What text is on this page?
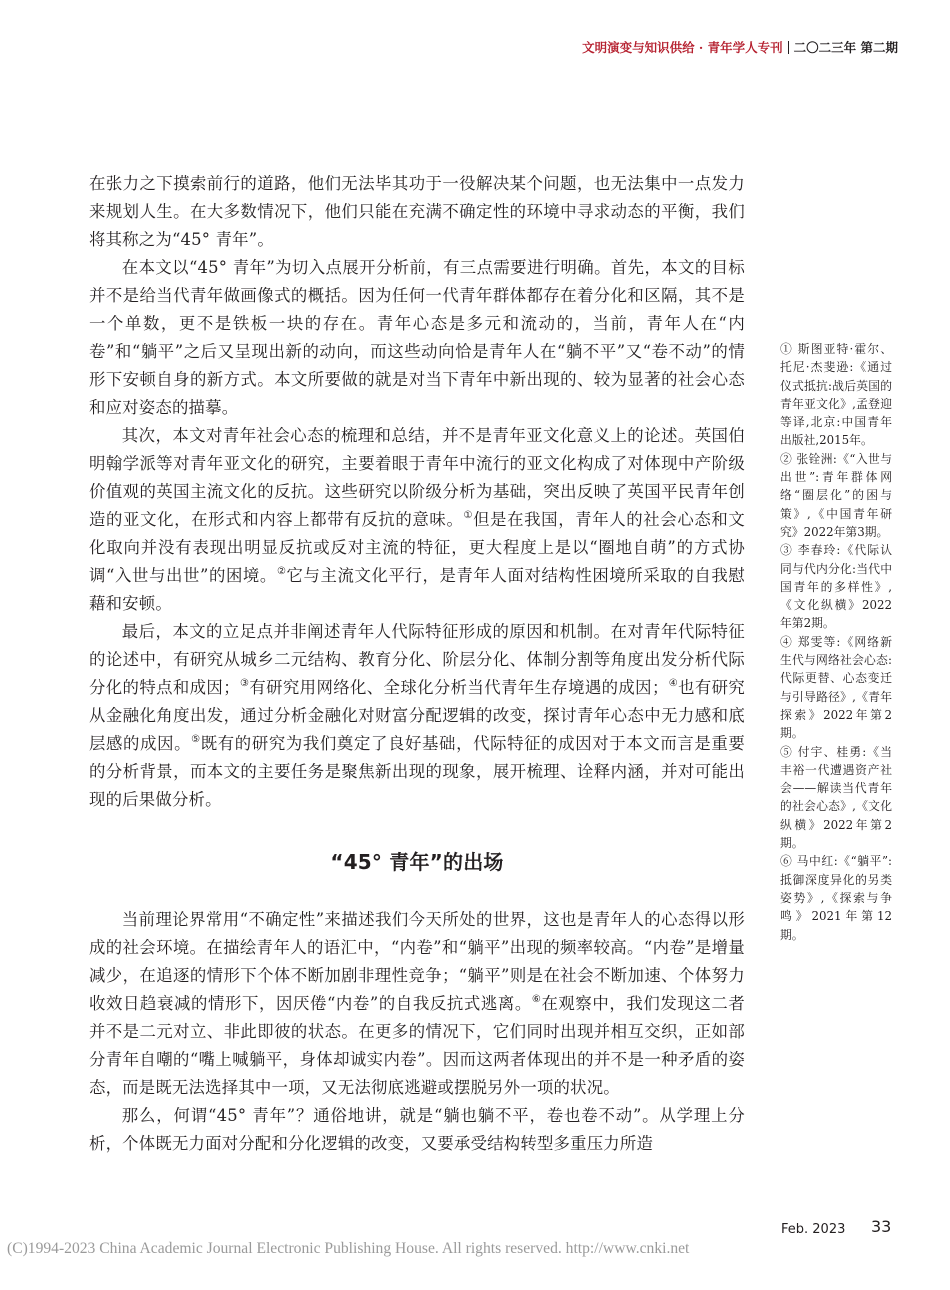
文明演变与知识供给 · 青年学人专刊 二〇二三年 第二期

在张力之下摸索前行的道路，他们无法毕其功于一役解决某个问题，也无法集中一点发力来规划人生。在大多数情况下，他们只能在充满不确定性的环境中寻求动态的平衡，我们将其称之为“45° 青年”。

在本文以“45° 青年”为切入点展开分析前，有三点需要进行明确。首先，本文的目标并不是给当代青年做画像式的概括。因为任何一代青年群体都存在着分化和区隔，其不是一个单数，更不是铁板一块的存在。青年心态是多元和流动的，当前，青年人在“内卷”和“躺平”之后又呈现出新的动向，而这些动向恰是青年人在“躺不平”又“卷不动”的情形下安顿自身的新方式。本文所要做的就是对当下青年中新出现的、较为显著的社会心态和应对姿态的描摹。

其次，本文对青年社会心态的梳理和总结，并不是青年亚文化意义上的论述。英国伯明翰学派等对青年亚文化的研究，主要着眼于青年中流行的亚文化构成了对体现中产阶级价值观的英国主流文化的反抗。这些研究以阶级分析为基础，突出反映了英国平民青年创造的亚文化，在形式和内容上都带有反抗的意味。①但是在我国，青年人的社会心态和文化取向并没有表现出明显反抗或反对主流的特征，更大程度上是以“圈地自萌”的方式协调“入世与出世”的困境。②它与主流文化平行，是青年人面对结构性困境所采取的自我慰藉和安顿。

最后，本文的立足点并非阐述青年人代际特征形成的原因和机制。在对青年代际特征的论述中，有研究从城乡二元结构、教育分化、阶层分化、体制分割等角度出发分析代际分化的特点和成因；③有研究用网络化、全球化分析当代青年生存境遇的成因；④也有研究从金融化角度出发，通过分析金融化对财富分配逻辑的改变，探讨青年心态中无力感和底层感的成因。⑤既有的研究为我们奠定了良好基础，代际特征的成因对于本文而言是重要的分析背景，而本文的主要任务是聚焦新出现的现象，展开梳理、诠释内涵，并对可能出现的后果做分析。

“45° 青年”的出场

当前理论界常用“不确定性”来描述我们今天所处的世界，这也是青年人的心态得以形成的社会环境。在描绘青年人的语汇中，“内卷”和“躺平”出现的频率较高。“内卷”是增量减少，在追逐的情形下个体不断加剧非理性竞争；“躺平”则是在社会不断加速、个体努力收效日趋衰减的情形下，因厌倦“内卷”的自我反抗式逃离。⑥在观察中，我们发现这二者并不是二元对立、非此即彼的状态。在更多的情况下，它们同时出现并相互交织，正如部分青年自嘲的“嘴上喊躺平，身体却诚实内卷”。因而这两者体现出的并不是一种矛盾的姿态，而是既无法选择其中一项，又无法彻底逃避或摆脱另外一项的状况。

那么，何谓“45° 青年”？通俗地讲，就是“躺也躺不平，卷也卷不动”。从学理上分析，个体既无力面对分配和分化逻辑的改变，又要承受结构转型多重压力所造

① 斯图亚特·霍尔、托尼·杰斐逊:《通过仪式抵抗:战后英国的青年亚文化》,孟登迎等译,北京:中国青年出版社,2015年。

② 张铨洲:《“入世与出世”:青年群体网络“圈层化”的困与策》,《中国青年研究》2022年第3期。

③ 李春玲:《代际认同与代内分化:当代中国青年的多样性》,《文化纵横》2022年第2期。

④ 郑雯等:《网络新生代与网络社会心态:代际更替、心态变迁与引导路径》,《青年探索》2022年第2期。

⑤ 付宇、桂勇:《当丰裕一代遭遇资产社会——解读当代青年的社会心态》,《文化纵横》2022年第2期。

⑥ 马中红:《“躺平”:抵御深度异化的另类姿势》,《探索与争鸣》2021年第12期。

Feb. 2023 33
(C)1994-2023 China Academic Journal Electronic Publishing House. All rights reserved. http://www.cnki.net
